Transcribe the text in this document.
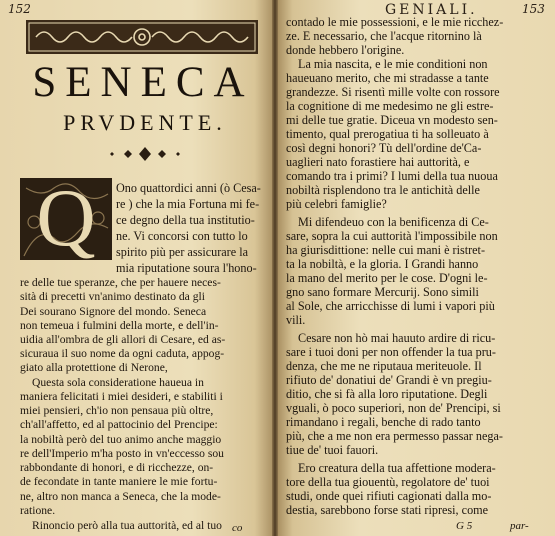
152
SENECA
PRVDENTE.
Q	Ono quattordici anni (ò Cesa-
re ) che la mia Fortuna mi fe-
ce degno della tua institutio-
ne. Vi concorsi con tutto lo
spirito più per assicurare la
mia riputatione soura l'hono-
re delle tue speranze, che per hauere neces-
sità di precetti vn'animo destinato da gli
Dei sourano Signore del mondo. Seneca
non temeua i fulmini della morte, e dell'in-
uidia all'ombra de gli allori di Cesare, ed as-
sicuraua il suo nome da ogni caduta, appog-
giato alla protettione di Nerone,
Questa sola consideratione haueua in
maniera felicitati i miei desideri, e stabiliti i
miei pensieri, ch'io non pensaua più oltre,
ch'all'affetto, ed al pattocinio del Prencipe:
la nobiltà però del tuo animo anche maggio
re dell'Imperio m'ha posto in vn'eccesso sou
rabbondante di honori, e di ricchezze, on-
de fecondate in tante maniere le mie fortu-
ne, altro non manca a Seneca, che la mode-
ratione.
Rinoncio però alla tua auttorità, ed al tuo co
153
par-
G 5
GENIALI.
contado le mie possessioni, e le mie ricchez-
ze. E necessario, che l'acque ritornino là
donde hebbero l'origine.
La mia nascita, e le mie conditioni non
haueuano merito, che mi stradasse a tante
grandezze. Si risentì mille volte con rossore
la cognitione di me medesimo ne gli estre-
mi delle tue gratie. Diceua vn modesto sen-
timento, qual prerogatiua ti ha solleuato à
così degni honori? Tù dell'ordine de'Ca-
uaglieri nato forastiere hai auttorità, e
comando tra i primi? I lumi della tua nuoua
nobiltà risplendono tra le antichità delle
più celebri famiglie?
Mi difendeuo con la benificenza di Ce-
sare, sopra la cui auttorità l'impossibile non
ha giurisdittione: nelle cui mani è ristret-
ta la nobiltà, e la gloria. I Grandi hanno
la mano del merito per le cose. D'ogni le-
gno sano formare Mercurij. Sono simili
al Sole, che arricchisse di lumi i vapori più
vili.
Cesare non hò mai hauuto ardire di ricu-
sare i tuoi doni per non offender la tua pru-
denza, che me ne riputaua meriteuole. Il
rifiuto de' donatiui de' Grandi è vn pregiu-
ditio, che si fà alla loro riputatione. Degli
vguali, ò poco superiori, non de' Prencipi, si
rimandano i regali, benche di rado tanto
più, che a me non era permesso passar nega-
tiue de' tuoi fauori.
Ero creatura della tua affettione modera-
tore della tua giouentù, regolatore de' tuoi
studi, onde quei rifiuti cagionati dalla mo-
destia, sarebbono forse stati ripresi, come
